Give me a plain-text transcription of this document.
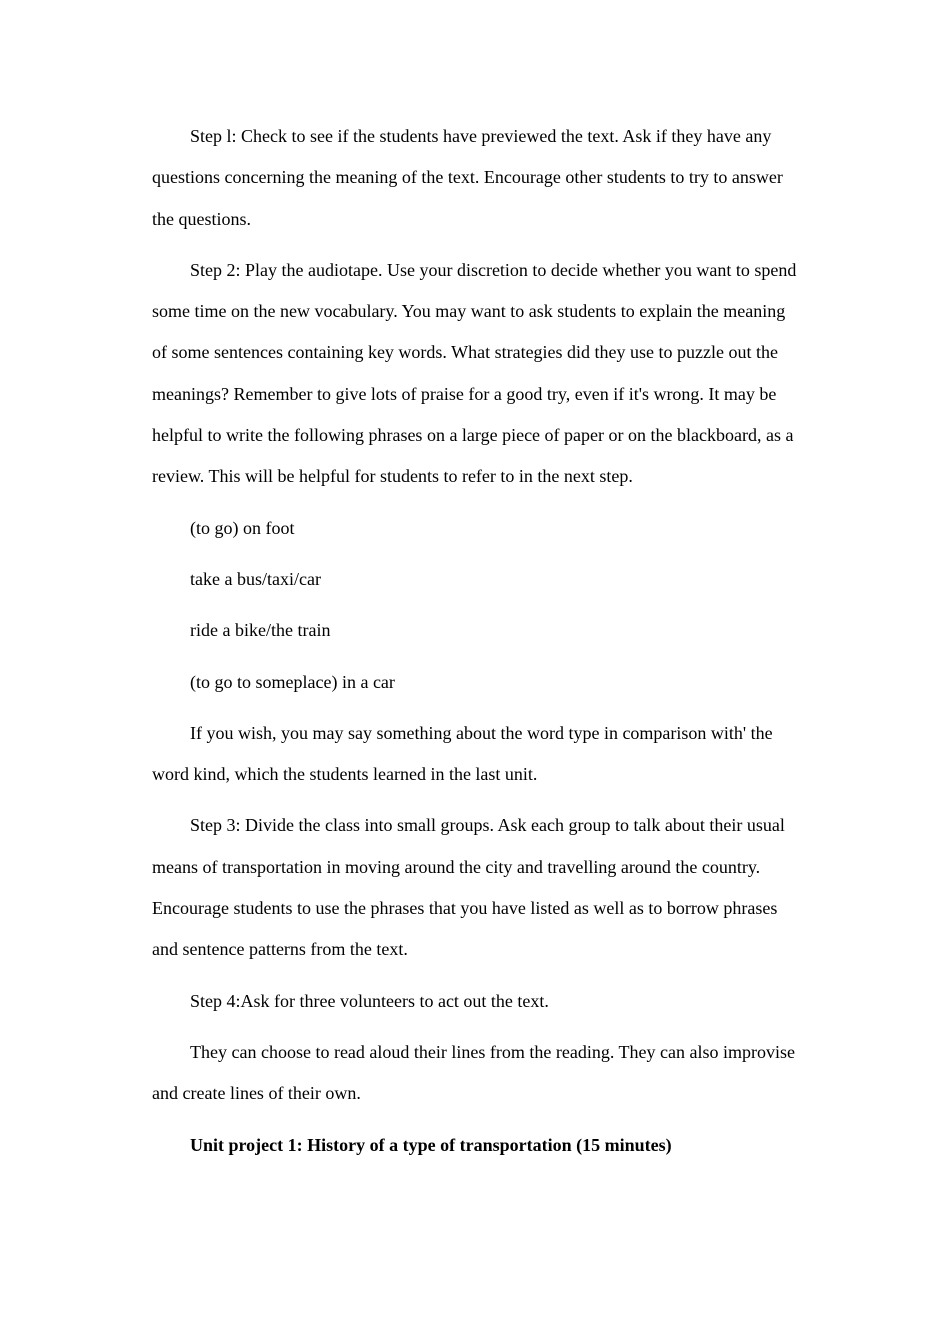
Step l: Check to see if the students have previewed the text. Ask if they have any questions concerning the meaning of the text. Encourage other students to try to answer the questions.

Step 2: Play the audiotape. Use your discretion to decide whether you want to spend some time on the new vocabulary. You may want to ask students to explain the meaning of some sentences containing key words. What strategies did they use to puzzle out the meanings? Remember to give lots of praise for a good try, even if it's wrong. It may be helpful to write the following phrases on a large piece of paper or on the blackboard, as a review. This will be helpful for students to refer to in the next step.

(to go) on foot

take a bus/taxi/car

ride a bike/the train

(to go to someplace) in a car

If you wish, you may say something about the word type in comparison with' the word kind, which the students learned in the last unit.

Step 3: Divide the class into small groups. Ask each group to talk about their usual means of transportation in moving around the city and travelling around the country. Encourage students to use the phrases that you have listed as well as to borrow phrases and sentence patterns from the text.

Step 4:Ask for three volunteers to act out the text.

They can choose to read aloud their lines from the reading. They can also improvise and create lines of their own.

Unit project 1: History of a type of transportation (15 minutes)
